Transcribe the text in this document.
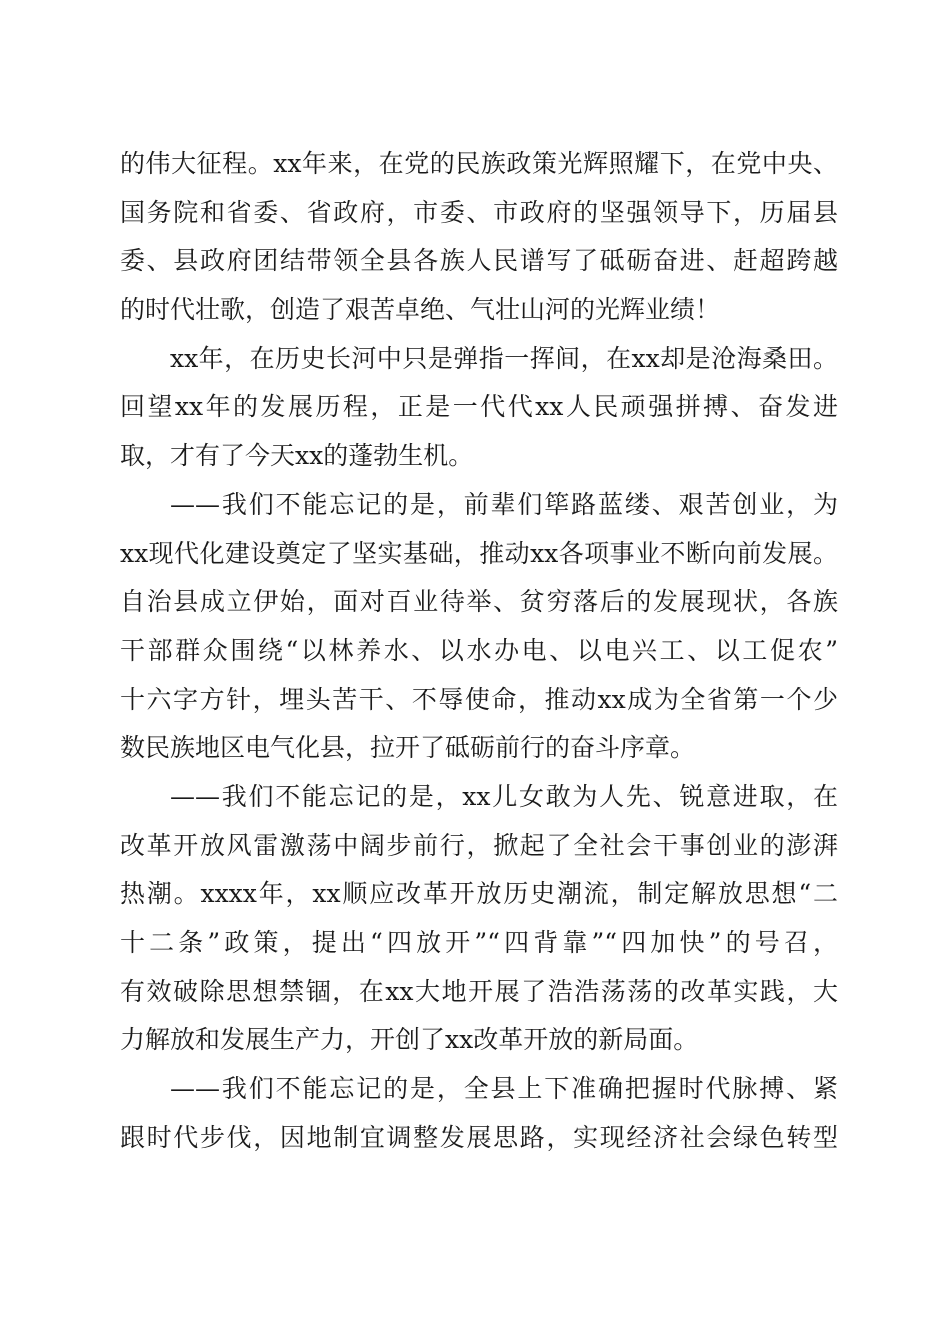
的伟大征程。xx年来，在党的民族政策光辉照耀下，在党中央、
国务院和省委、省政府，市委、市政府的坚强领导下，历届县
委、县政府团结带领全县各族人民谱写了砥砺奋进、赶超跨越
的时代壮歌，创造了艰苦卓绝、气壮山河的光辉业绩！
xx年，在历史长河中只是弹指一挥间，在xx却是沧海桑田。
回望xx年的发展历程，正是一代代xx人民顽强拼搏、奋发进
取，才有了今天xx的蓬勃生机。
——我们不能忘记的是，前辈们筚路蓝缕、艰苦创业，为
xx现代化建设奠定了坚实基础，推动xx各项事业不断向前发展。
自治县成立伊始，面对百业待举、贫穷落后的发展现状，各族
干部群众围绕“以林养水、以水办电、以电兴工、以工促农”
十六字方针，埋头苦干、不辱使命，推动xx成为全省第一个少
数民族地区电气化县，拉开了砥砺前行的奋斗序章。
——我们不能忘记的是，xx儿女敢为人先、锐意进取，在
改革开放风雷激荡中阔步前行，掀起了全社会干事创业的澎湃
热潮。xxxx年，xx顺应改革开放历史潮流，制定解放思想“二
十二条”政策，提出“四放开”“四背靠”“四加快”的号召，
有效破除思想禁锢，在xx大地开展了浩浩荡荡的改革实践，大
力解放和发展生产力，开创了xx改革开放的新局面。
——我们不能忘记的是，全县上下准确把握时代脉搏、紧
跟时代步伐，因地制宜调整发展思路，实现经济社会绿色转型
